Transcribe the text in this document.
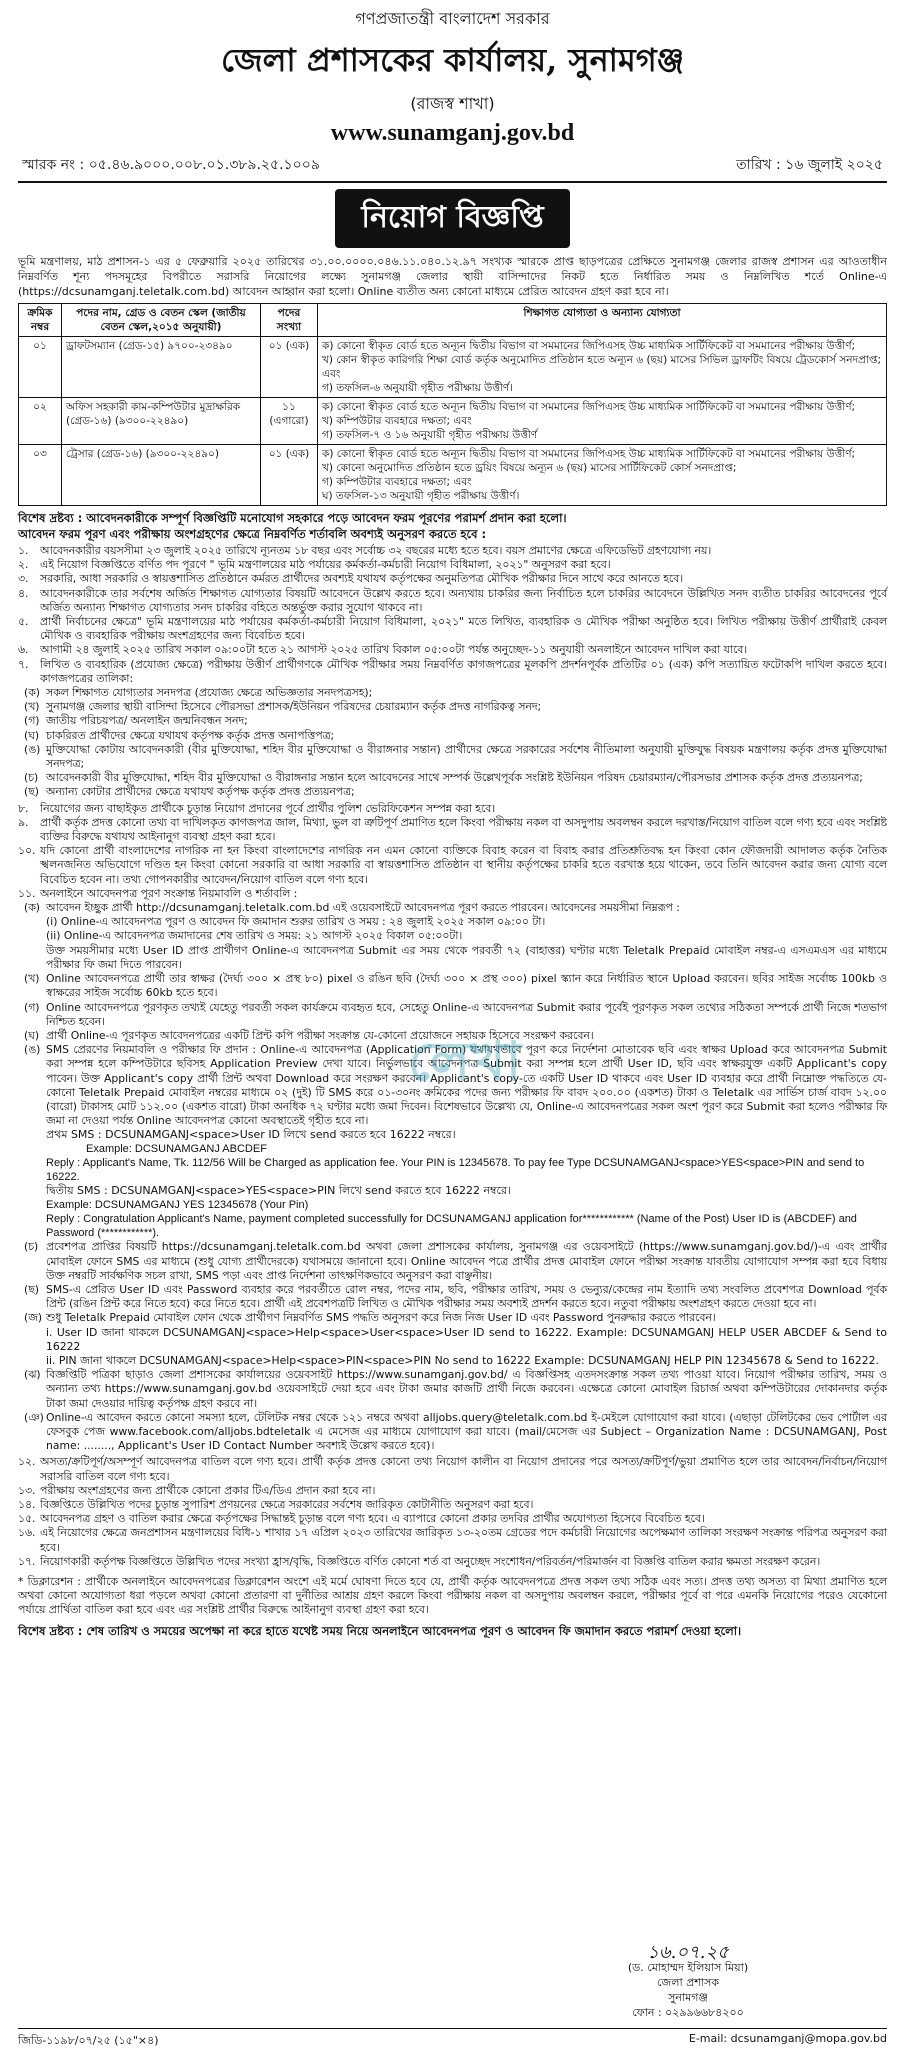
গণপ্রজাতন্ত্রী বাংলাদেশ সরকার
জেলা প্রশাসকের কার্যালয়, সুনামগঞ্জ
(রাজস্ব শাখা)
www.sunamganj.gov.bd
স্মারক নং : ০৫.৪৬.৯০০০.০০৮.০১.৩৮৯.২৫.১০০৯	তারিখ : ১৬ জুলাই ২০২৫
নিয়োগ বিজ্ঞপ্তি
ভূমি মন্ত্রণালয়, মাঠ প্রশাসন-১ এর ৫ ফেব্রুয়ারি ২০২৫ তারিখের ৩১.০০.০০০০.০৪৬.১১.০৪০.১২.৯৭ সংখ্যক স্মারকে প্রাপ্ত ছাড়পত্রের প্রেক্ষিতে সুনামগঞ্জ জেলার রাজস্ব প্রশাসন এর আওতাধীন নিম্নবর্ণিত শূন্য পদসমূহের বিপরীতে সরাসরি নিয়োগের লক্ষ্যে সুনামগঞ্জ জেলার স্থায়ী বাসিন্দাদের নিকট হতে নির্ধারিত সময় ও নিম্নলিখিত শর্তে Online-এ (https://dcsunamganj.teletalk.com.bd) আবেদন আহ্বান করা হলো। Online ব্যতীত অন্য কোনো মাধ্যমে প্রেরিত আবেদন গ্রহণ করা হবে না।
ক্রমিক নম্বর	পদের নাম, গ্রেড ও বেতন স্কেল (জাতীয় বেতন স্কেল,২০১৫ অনুযায়ী)	পদের সংখ্যা	শিক্ষাগত যোগ্যতা ও অন্যান্য যোগ্যতা
০১	ড্রাফটসম্যান (গ্রেড-১৫) ৯৭০০-২৩৪৯০	০১ (এক)	ক) কোনো স্বীকৃত বোর্ড হতে অন্যূন দ্বিতীয় বিভাগ বা সমমানের জিপিএসহ উচ্চ মাধ্যমিক সার্টিফিকেট বা সমমানের পরীক্ষায় উত্তীর্ণ;
খ) কোন স্বীকৃত কারিগরি শিক্ষা বোর্ড কর্তৃক অনুমোদিত প্রতিষ্ঠান হতে অন্যূন ৬ (ছয়) মাসের সিভিল ড্রাফটিং বিষয়ে ট্রেডকোর্স সনদপ্রাপ্ত; এবং
গ) তফসিল-৬ অনুযায়ী গৃহীত পরীক্ষায় উত্তীর্ণ।

০২	অফিস সহকারী কাম-কম্পিউটার মুদ্রাক্ষরিক (গ্রেড-১৬) (৯৩০০-২২৪৯০)	১১ (এগারো)	ক) কোনো স্বীকৃত বোর্ড হতে অন্যূন দ্বিতীয় বিভাগ বা সমমানের জিপিএসহ উচ্চ মাধ্যমিক সার্টিফিকেট বা সমমানের পরীক্ষায় উত্তীর্ণ;
খ) কম্পিউটার ব্যবহারে দক্ষতা; এবং
গ) তফসিল-৭ ও ১৬ অনুযায়ী গৃহীত পরীক্ষায় উত্তীর্ণ

০৩	ট্রেসার (গ্রেড-১৬) (৯৩০০-২২৪৯০)	০১ (এক)	ক) কোনো স্বীকৃত বোর্ড হতে অন্যূন দ্বিতীয় বিভাগ বা সমমানের জিপিএসহ উচ্চ মাধ্যমিক সার্টিফিকেট বা সমমানের পরীক্ষায় উত্তীর্ণ;
খ) কোনো অনুমোদিত প্রতিষ্ঠান হতে ড্রয়িং বিষয়ে অন্যূন ৬ (ছয়) মাসের সার্টিফিকেট কোর্স সনদপ্রাপ্ত;
গ) কম্পিউটার ব্যবহারে দক্ষতা; এবং
ঘ) তফসিল-১৩ অনুযায়ী গৃহীত পরীক্ষায় উত্তীর্ণ।
বিশেষ দ্রষ্টব্য : আবেদনকারীকে সম্পূর্ণ বিজ্ঞপ্তিটি মনোযোগ সহকারে পড়ে আবেদন ফরম পূরণের পরামর্শ প্রদান করা হলো।
আবেদন ফরম পূরণ এবং পরীক্ষায় অংশগ্রহণের ক্ষেত্রে নিম্নবর্ণিত শর্তাবলি অবশ্যই অনুসরণ করতে হবে :
১.	আবেদনকারীর বয়সসীমা ২৩ জুলাই ২০২৫ তারিখে ন্যূনতম ১৮ বছর এবং সর্বোচ্চ ৩২ বছরের মধ্যে হতে হবে। বয়স প্রমাণের ক্ষেত্রে এফিডেভিট গ্রহণযোগ্য নয়।
২.	এই নিয়োগ বিজ্ঞপ্তিতে বর্ণিত পদ পূরণে " ভূমি মন্ত্রণালয়ের মাঠ পর্যায়ের কর্মকর্তা-কর্মচারী নিয়োগ বিধিমালা, ২০২১" অনুসরণ করা হবে।
৩.	সরকারি, আধা সরকারি ও স্বায়ত্তশাসিত প্রতিষ্ঠানে কর্মরত প্রার্থীদের অবশ্যই যথাযথ কর্তৃপক্ষের অনুমতিপত্র মৌখিক পরীক্ষার দিনে সাথে করে আনতে হবে।
৪.	আবেদনকারীকে তার সর্বশেষ অর্জিত শিক্ষাগত যোগ্যতার বিষয়টি আবেদনে উল্লেখ করতে হবে। অন্যথায় চাকরির জন্য নির্বাচিত হলে চাকরির আবেদনে উল্লিখিত সনদ ব্যতীত চাকরির আবেদনের পূর্বে অর্জিত অন্যান্য শিক্ষাগত যোগ্যতার সনদ চাকরির বহিতে অন্তর্ভুক্ত করার সুযোগ থাকবে না।
৫.	প্রার্থী নির্বাচনের ক্ষেত্রে" ভূমি মন্ত্রণালয়ের মাঠ পর্যায়ের কর্মকর্তা-কর্মচারী নিয়োগ বিধিমালা, ২০২১" মতে লিখিত, ব্যবহারিক ও মৌখিক পরীক্ষা অনুষ্ঠিত হবে। লিখিত পরীক্ষায় উত্তীর্ণ প্রার্থীরাই কেবল মৌখিক ও ব্যবহারিক পরীক্ষায় অংশগ্রহণের জন্য বিবেচিত হবে।
৬.	আগামী ২৪ জুলাই ২০২৫ তারিখ সকাল ০৯:০০টা হতে ২১ আগস্ট ২০২৫ তারিখ বিকাল ০৫:০০টা পর্যন্ত অনুচ্ছেদ-১১ অনুযায়ী অনলাইনে আবেদন দাখিল করা যাবে।
৭.	লিখিত ও ব্যবহারিক (প্রযোজ্য ক্ষেত্রে) পরীক্ষায় উত্তীর্ণ প্রার্থীগণকে মৌখিক পরীক্ষার সময় নিম্নবর্ণিত কাগজপত্রের মূলকপি প্রদর্শনপূর্বক প্রতিটির ০১ (এক) কপি সত্যায়িত ফটোকপি দাখিল করতে হবে। কাগজপত্রের তালিকা:
(ক) সকল শিক্ষাগত যোগ্যতার সনদপত্র (প্রযোজ্য ক্ষেত্রে অভিজ্ঞতার সনদপত্রসহ);
(খ) সুনামগঞ্জ জেলার স্থায়ী বাসিন্দা হিসেবে পৌরসভা প্রশাসক/ইউনিয়ন পরিষদের চেয়ারম্যান কর্তৃক প্রদত্ত নাগরিকত্ব সনদ;
(গ) জাতীয় পরিচয়পত্র/ অনলাইন জন্মনিবন্ধন সনদ;
(ঘ) চাকরিরত প্রার্থীদের ক্ষেত্রে যথাযথ কর্তৃপক্ষ কর্তৃক প্রদত্ত অনাপত্তিপত্র;
(ঙ) মুক্তিযোদ্ধা কোটায় আবেদনকারী (বীর মুক্তিযোদ্ধা, শহিদ বীর মুক্তিযোদ্ধা ও বীরাঙ্গনার সন্তান) প্রার্থীদের ক্ষেত্রে সরকারের সর্বশেষ নীতিমালা অনুযায়ী মুক্তিযুদ্ধ বিষয়ক মন্ত্রণালয় কর্তৃক প্রদত্ত মুক্তিযোদ্ধা সনদপত্র;
(চ) আবেদনকারী বীর মুক্তিযোদ্ধা, শহিদ বীর মুক্তিযোদ্ধা ও বীরাঙ্গনার সন্তান হলে আবেদনের সাথে সম্পর্ক উল্লেখপূর্বক সংশ্লিষ্ট ইউনিয়ন পরিষদ চেয়ারম্যান/পৌরসভার প্রশাসক কর্তৃক প্রদত্ত প্রত্যয়নপত্র;
(ছ) অন্যান্য কোটার প্রার্থীদের ক্ষেত্রে যথাযথ কর্তৃপক্ষ কর্তৃক প্রদত্ত প্রত্যয়নপত্র;
৮.	নিয়োগের জন্য বাছাইকৃত প্রার্থীকে চূড়ান্ত নিয়োগ প্রদানের পূর্বে প্রার্থীর পুলিশ ভেরিফিকেশন সম্পন্ন করা হবে।
৯.	প্রার্থী কর্তৃক প্রদত্ত কোনো তথ্য বা দাখিলকৃত কাগজপত্র জাল, মিথ্যা, ভুল বা ত্রুটিপূর্ণ প্রমাণিত হলে কিংবা পরীক্ষায় নকল বা অসদুপায় অবলম্বন করলে দরখাস্ত/নিয়োগ বাতিল বলে গণ্য হবে এবং সংশ্লিষ্ট ব্যক্তির বিরুদ্ধে যথাযথ আইনানুগ ব্যবস্থা গ্রহণ করা হবে।
১০. যদি কোনো প্রার্থী বাংলাদেশের নাগরিক না হন কিংবা বাংলাদেশের নাগরিক নন এমন কোনো ব্যক্তিকে বিবাহ করেন বা বিবাহ করার প্রতিশ্রুতিবদ্ধ হন কিংবা কোন ফৌজদারী আদালত কর্তৃক নৈতিক স্খলনজনিত অভিযোগে দণ্ডিত হন কিংবা কোনো সরকারি বা আধা সরকারি বা স্বায়ত্তশাসিত প্রতিষ্ঠান বা স্থানীয় কর্তৃপক্ষের চাকরি হতে বরখাস্ত হয়ে থাকেন, তবে তিনি আবেদন করার জন্য যোগ্য বলে বিবেচিত হবেন না। তথ্য গোপনকারীর আবেদন/নিয়োগ বাতিল বলে গণ্য হবে।
১১. অনলাইনে আবেদনপত্র পূরণ সংক্রান্ত নিয়মাবলি ও শর্তাবলি :
(ক) আবেদন ইচ্ছুক প্রার্থী http://dcsunamganj.teletalk.com.bd এই ওয়েবসাইটে আবেদনপত্র পূরণ করতে পারবেন। আবেদনের সময়সীমা নিম্নরূপ :
(i) Online-এ আবেদনপত্র পূরণ ও আবেদন ফি জমাদান শুরুর তারিখ ও সময় : ২৪ জুলাই ২০২৫ সকাল ০৯:০০ টা।
(ii) Online-এ আবেদনপত্র জমাদানের শেষ তারিখ ও সময়: ২১ আগস্ট ২০২৫ বিকাল ০৫:০০টা।
উক্ত সময়সীমার মধ্যে User ID প্রাপ্ত প্রার্থীগণ Online-এ আবেদনপত্র Submit এর সময় থেকে পরবর্তী ৭২ (বাহাত্তর) ঘণ্টার মধ্যে Teletalk Prepaid মোবাইল নম্বর-এ এসএমএস এর মাধ্যমে পরীক্ষার ফি জমা দিতে পারবেন।
(খ) Online আবেদনপত্রে প্রার্থী তার স্বাক্ষর (দৈর্ঘ্য ৩০০ × প্রস্থ ৮০) pixel ও রঙিন ছবি (দৈর্ঘ্য ৩০০ × প্রস্থ ৩০০) pixel স্ক্যান করে নির্ধারিত স্থানে Upload করবেন। ছবির সাইজ সর্বোচ্চ 100kb ও স্বাক্ষরের সাইজ সর্বোচ্চ 60kb হতে হবে।
(গ) Online আবেদনপত্রে পূরণকৃত তথ্যই যেহেতু পরবর্তী সকল কার্যক্রমে ব্যবহৃত হবে, সেহেতু Online-এ আবেদনপত্র Submit করার পূর্বেই পূরণকৃত সকল তথ্যের সঠিকতা সম্পর্কে প্রার্থী নিজে শতভাগ নিশ্চিত হবেন।
(ঘ) প্রার্থী Online-এ পূরণকৃত আবেদনপত্রের একটি প্রিন্ট কপি পরীক্ষা সংক্রান্ত যে-কোনো প্রয়োজনে সহায়ক হিসেবে সংরক্ষণ করবেন।
(ঙ) SMS প্রেরণের নিয়মাবলি ও পরীক্ষার ফি প্রদান : Online-এ আবেদনপত্র (Application Form) যথাযথভাবে পূরণ করে নির্দেশনা মোতাবেক ছবি এবং স্বাক্ষর Upload করে আবেদনপত্র Submit করা সম্পন্ন হলে কম্পিউটারে ছবিসহ Application Preview দেখা যাবে। নির্ভুলভাবে আবেদনপত্র Submit করা সম্পন্ন হলে প্রার্থী User ID, ছবি এবং স্বাক্ষরযুক্ত একটি Applicant's copy পাবেন। উক্ত Applicant's copy প্রার্থী প্রিন্ট অথবা Download করে সংরক্ষণ করবেন। Applicant's copy-তে একটি User ID থাকবে এবং User ID ব্যবহার করে প্রার্থী নিম্নোক্ত পদ্ধতিতে যে-কোনো Teletalk Prepaid মোবাইল নম্বরের মাধ্যমে ০২ (দুই) টি SMS করে ০১-৩০নং ক্রমিকের পদের জন্য পরীক্ষার ফি বাবদ ২০০.০০ (একশত) টাকা ও Teletalk এর সার্ভিস চার্জ বাবদ ১২.০০ (বারো) টাকাসহ মোট ১১২.০০ (একশত বারো) টাকা অনধিক ৭২ ঘণ্টার মধ্যে জমা দিবেন। বিশেষভাবে উল্লেখ্য যে, Online-এ আবেদনপত্রের সকল অংশ পূরণ করে Submit করা হলেও পরীক্ষার ফি জমা না দেওয়া পর্যন্ত Online আবেদনপত্র কোনো অবস্থাতেই গৃহীত হবে না।
প্রথম SMS : DCSUNAMGANJ<space>User ID লিখে send করতে হবে 16222 নম্বরে।
Example: DCSUNAMGANJ ABCDEF
Reply : Applicant's Name, Tk. 112/56 Will be Charged as application fee. Your PIN is 12345678. To pay fee Type DCSUNAMGANJ<space>YES<space>PIN and send to 16222.
দ্বিতীয় SMS : DCSUNAMGANJ<space>YES<space>PIN লিখে send করতে হবে 16222 নম্বরে।
Example: DCSUNAMGANJ YES 12345678 (Your Pin)
Reply : Congratulation Applicant's Name, payment completed successfully for DCSUNAMGANJ application for************ (Name of the Post) User ID is (ABCDEF) and Password (************).
(চ) প্রবেশপত্র প্রাপ্তির বিষয়টি https://dcsunamganj.teletalk.com.bd অথবা জেলা প্রশাসকের কার্যালয়, সুনামগঞ্জ এর ওয়েবসাইটে (https://www.sunamganj.gov.bd/)-এ এবং প্রার্থীর মোবাইল ফোনে SMS এর মাধ্যমে (শুধু যোগ্য প্রার্থীদেরকে) যথাসময়ে জানানো হবে। Online আবেদন পত্রে প্রার্থীর প্রদত্ত মোবাইল ফোনে পরীক্ষা সংক্রান্ত যাবতীয় যোগাযোগ সম্পন্ন করা হবে বিধায় উক্ত নম্বরটি সার্বক্ষণিক সচল রাখা, SMS পড়া এবং প্রাপ্ত নির্দেশনা তাৎক্ষণিকভাবে অনুসরণ করা বাঞ্ছনীয়।
(ছ) SMS-এ প্রেরিত User ID এবং Password ব্যবহার করে পরবর্তীতে রোল নম্বর, পদের নাম, ছবি, পরীক্ষার তারিখ, সময় ও ভেন্যুর/কেন্দ্রের নাম ইত্যাদি তথ্য সংবলিত প্রবেশপত্র Download পূর্বক প্রিন্ট (রঙিন প্রিন্ট করে নিতে হবে) করে নিতে হবে। প্রার্থী এই প্রবেশপত্রটি লিখিত ও মৌখিক পরীক্ষার সময় অবশ্যই প্রদর্শন করতে হবে। নতুবা পরীক্ষায় অংশগ্রহণ করতে দেওয়া হবে না।
(জ) শুধু Teletalk Prepaid মোবাইল ফোন থেকে প্রার্থীগণ নিম্নবর্ণিত SMS পদ্ধতি অনুসরণ করে নিজ নিজ User ID এবং Password পুনরুদ্ধার করতে পারবেন।
i. User ID জানা থাকলে DCSUNAMGANJ<space>Help<space>User<space>User ID send to 16222. Example: DCSUNAMGANJ HELP USER ABCDEF & Send to 16222
ii. PIN জানা থাকলে DCSUNAMGANJ<space>Help<space>PIN<space>PIN No send to 16222 Example: DCSUNAMGANJ HELP PIN 12345678 & Send to 16222.
(ঝ) বিজ্ঞপ্তিটি পত্রিকা ছাড়াও জেলা প্রশাসকের কার্যালয়ের ওয়েবসাইট https://www.sunamganj.gov.bd/ এ বিজ্ঞপ্তিসহ এতদসংক্রান্ত সকল তথ্য পাওয়া যাবে। নিয়োগ পরীক্ষার তারিখ, সময় ও অন্যান্য তথ্য https://www.sunamganj.gov.bd ওয়েবসাইটে দেয়া হবে এবং টাকা জমার কাজটি প্রার্থী নিজে করবেন। এক্ষেত্রে কোনো মোবাইল রিচার্জ অথবা কম্পিউটারের দোকানদার কর্তৃক টাকা জমা দেওয়ার দায়িত্ব কর্তৃপক্ষ গ্রহণ করবে না।
(ঞ) Online-এ আবেদন করতে কোনো সমস্যা হলে, টেলিটক নম্বর থেকে ১২১ নম্বরে অথবা alljobs.query@teletalk.com.bd ই-মেইলে যোগাযোগ করা যাবে। (এছাড়া টেলিটকের ভেব পোর্টাল এর ফেসবুক পেজ www.facebook.com/alljobs.bdteletalk এ মেসেজ এর মাধ্যমে যোগাযোগ করা যাবে। (mail/মেসেজ এর Subject – Organization Name : DCSUNAMGANJ, Post name: ........, Applicant's User ID Contact Number অবশ্যই উল্লেখ করতে হবে)।
১২. অসত্য/ক্রটিপূর্ণ/অসম্পূর্ণ আবেদনপত্র বাতিল বলে গণ্য হবে। প্রার্থী কর্তৃক প্রদত্ত কোনো তথ্য নিয়োগ কালীন বা নিয়োগ প্রদানের পরে অসত্য/ক্রটিপূর্ণ/ভুয়া প্রমাণিত হলে তার আবেদন/নির্বাচন/নিয়োগ সরাসরি বাতিল বলে গণ্য হবে।
১৩. পরীক্ষায় অংশগ্রহণের জন্য প্রার্থীকে কোনো প্রকার টিএ/ডিএ প্রদান করা হবে না।
১৪. বিজ্ঞপ্তিতে উল্লিখিত পদের চূড়ান্ত সুপারিশ প্রণয়নের ক্ষেত্রে সরকারের সর্বশেষ জারিকৃত কোটানীতি অনুসরণ করা হবে।
১৫. আবেদনপত্র গ্রহণ ও বাতিল করার ক্ষেত্রে কর্তৃপক্ষের সিদ্ধান্তই চূড়ান্ত বলে গণ্য হবে। এ ব্যাপারে কোনো প্রকার তদবির প্রার্থীর অযোগ্যতা হিসেবে বিবেচিত হবে।
১৬. এই নিয়োগের ক্ষেত্রে জনপ্রশাসন মন্ত্রণালয়ের বিধি-১ শাখার ১৭ এপ্রিল ২০২৩ তারিখের জারিকৃত ১৩-২০তম গ্রেডের পদে কর্মচারী নিয়োগের অপেক্ষমাণ তালিকা সংরক্ষণ সংক্রান্ত পরিপত্র অনুসরণ করা হবে।
১৭. নিয়োগকারী কর্তৃপক্ষ বিজ্ঞপ্তিতে উল্লিখিত পদের সংখ্যা হ্রাস/বৃদ্ধি, বিজ্ঞপ্তিতে বর্ণিত কোনো শর্ত বা অনুচ্ছেদ সংশোধন/পরিবর্তন/পরিমার্জন বা বিজ্ঞপ্তি বাতিল করার ক্ষমতা সংরক্ষণ করেন।
* ডিক্লারেশন : প্রার্থীকে অনলাইনে আবেদনপত্রের ডিক্লারেশন অংশে এই মর্মে ঘোষণা দিতে হবে যে, প্রার্থী কর্তৃক আবেদনপত্রে প্রদত্ত সকল তথ্য সঠিক এবং সত্য। প্রদত্ত তথ্য অসত্য বা মিথ্যা প্রমাণিত হলে অথবা কোনো অযোগ্যতা ধরা পড়লে অথবা কোনো প্রতারণা বা দুর্নীতির আশ্রয় গ্রহণ করলে কিংবা পরীক্ষায় নকল বা অসদুপায় অবলম্বন করলে, পরীক্ষার পূর্বে বা পরে এমনকি নিয়োগের পরেও যেকোনো পর্যায়ে প্রার্থিতা বাতিল করা হবে এবং এর সংশ্লিষ্ট প্রার্থীর বিরুদ্ধে আইনানুগ ব্যবস্থা গ্রহণ করা হবে।
বিশেষ দ্রষ্টব্য : শেষ তারিখ ও সময়ের অপেক্ষা না করে হাতে যথেষ্ট সময় নিয়ে অনলাইনে আবেদনপত্র পূরণ ও আবেদন ফি জমাদান করতে পরামর্শ দেওয়া হলো।
১৬.০৭.২৫
(ড. মোহাম্মদ ইলিয়াস মিয়া)
জেলা প্রশাসক
সুনামগঞ্জ
ফোন : ০২৯৯৬৬৮৪২০০
জিডি-১১৯৮/০৭/২৫ (১৫"×৪)	E-mail: dcsunamganj@mopa.gov.bd
লেখা
